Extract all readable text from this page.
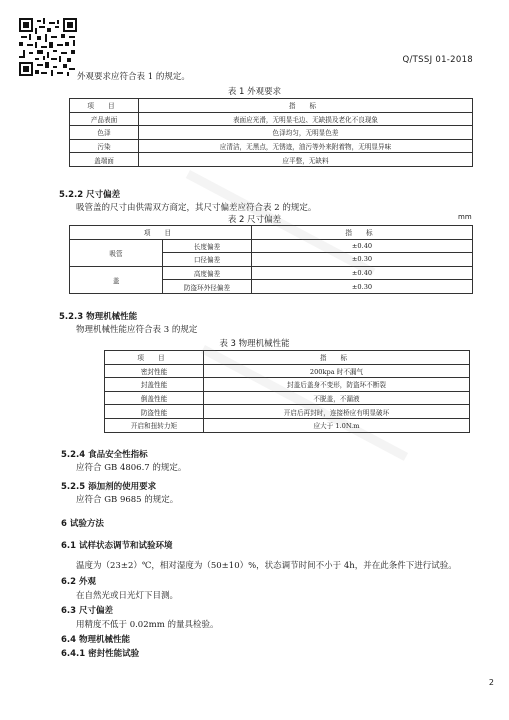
Q/TSSJ 01-2018
外观要求应符合表 1 的规定。
表 1 外观要求
项 目	指 标
产品表面	表面应光滑，无明显毛边、无缺损及老化不良现象
色泽	色泽均匀，无明显色差
污染	应清洁，无黑点，无锈迹，油污等外来附着物，无明显异味
盖端面	应平整，无缺料
5.2.2 尺寸偏差
吸管盖的尺寸由供需双方商定，其尺寸偏差应符合表 2 的规定。
表 2 尺寸偏差	mm
项 目		指 标
吸管	长度偏差	±0.40
	口径偏差	±0.30
盖	高度偏差	±0.40
	防盗环外径偏差	±0.30
5.2.3 物理机械性能
物理机械性能应符合表 3 的规定
表 3 物理机械性能
项 目	指 标
密封性能	200kpa 时不漏气
封盖性能	封盖后盖身不变形，防盗环不断裂
倒盖性能	不脱盖，不漏液
防盗性能	开启后再封时，连接桥应有明显破坏
开启和扭转力矩	应大于 1.0N.m
5.2.4 食品安全性指标
应符合 GB 4806.7 的规定。
5.2.5 添加剂的使用要求
应符合 GB 9685 的规定。
6 试验方法
6.1 试样状态调节和试验环境
温度为（23±2）℃，相对湿度为（50±10）%，状态调节时间不小于 4h，并在此条件下进行试验。
6.2 外观
在自然光或日光灯下目测。
6.3 尺寸偏差
用精度不低于 0.02mm 的量具检验。
6.4 物理机械性能
6.4.1 密封性能试验
2
